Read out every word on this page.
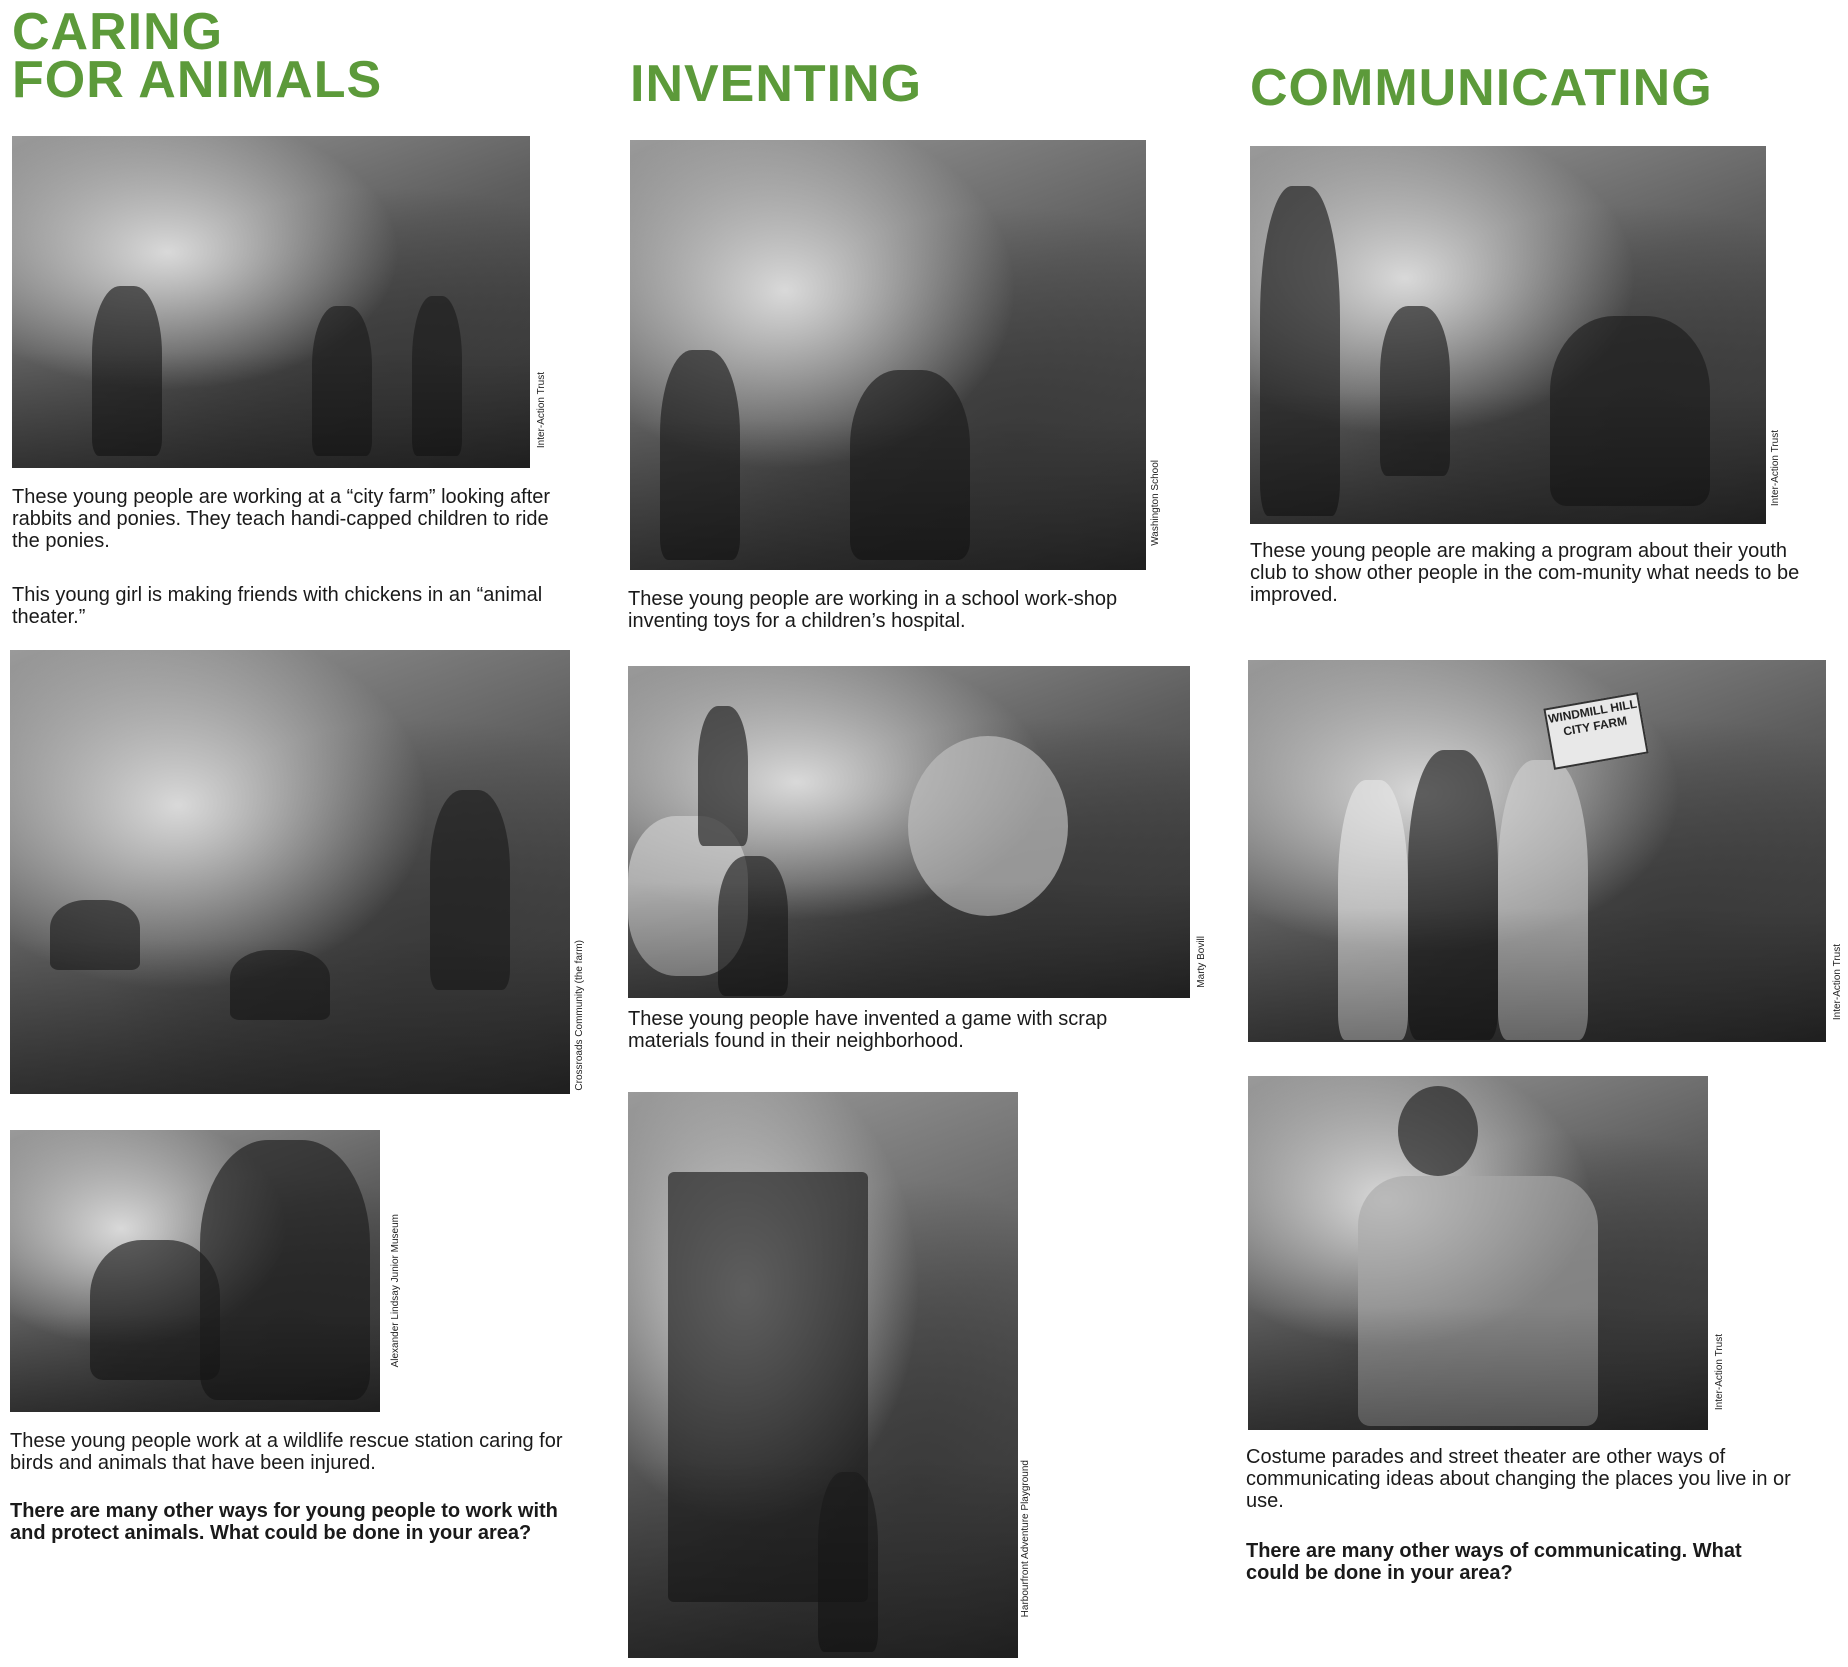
CARING
FOR ANIMALS
Inter-Action Trust

These young people are working at a “city farm” looking after rabbits and ponies. They teach handi-capped children to ride the ponies.

This young girl is making friends with chickens in an “animal theater.”

Crossroads Community (the farm)
Alexander Lindsay Junior Museum

These young people work at a wildlife rescue station caring for birds and animals that have been injured.

There are many other ways for young people to work with and protect animals. What could be done in your area?

INVENTING
Washington School

These young people are working in a school work-shop inventing toys for a children’s hospital.

Marty Bovill

These young people have invented a game with scrap materials found in their neighborhood.

Harbourfront Adventure Playground
COMMUNICATING
Inter-Action Trust

These young people are making a program about their youth club to show other people in the com-munity what needs to be improved.

WINDMILL HILL CITY FARM
Inter-Action Trust
Inter-Action Trust

Costume parades and street theater are other ways of communicating ideas about changing the places you live in or use.

There are many other ways of communicating. What could be done in your area?
